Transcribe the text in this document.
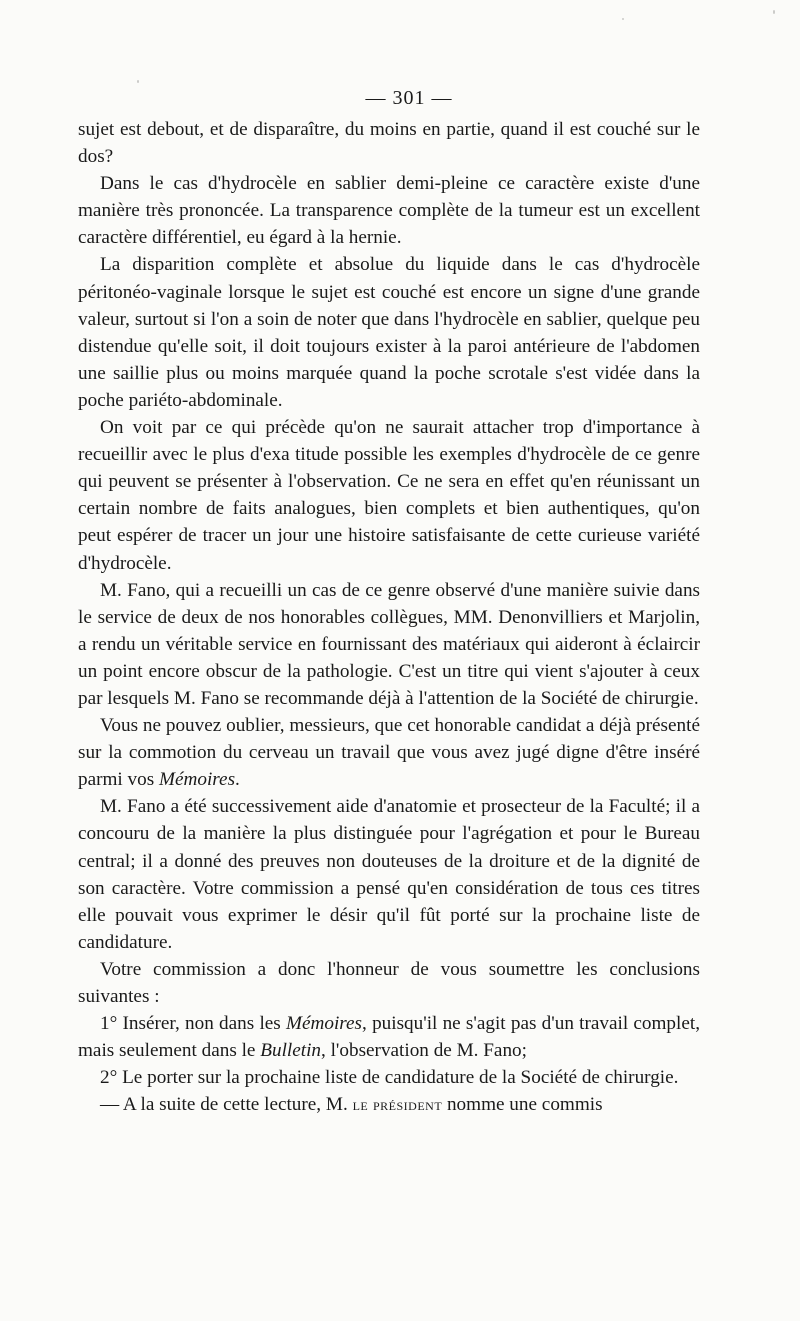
— 301 —

sujet est debout, et de disparaître, du moins en partie, quand il est couché sur le dos?

Dans le cas d'hydrocèle en sablier demi-pleine ce caractère existe d'une manière très prononcée. La transparence complète de la tumeur est un excellent caractère différentiel, eu égard à la hernie.

La disparition complète et absolue du liquide dans le cas d'hydrocèle péritonéo-vaginale lorsque le sujet est couché est encore un signe d'une grande valeur, surtout si l'on a soin de noter que dans l'hydrocèle en sablier, quelque peu distendue qu'elle soit, il doit toujours exister à la paroi antérieure de l'abdomen une saillie plus ou moins marquée quand la poche scrotale s'est vidée dans la poche pariéto-abdominale.

On voit par ce qui précède qu'on ne saurait attacher trop d'importance à recueillir avec le plus d'exa titude possible les exemples d'hydrocèle de ce genre qui peuvent se présenter à l'observation. Ce ne sera en effet qu'en réunissant un certain nombre de faits analogues, bien complets et bien authentiques, qu'on peut espérer de tracer un jour une histoire satisfaisante de cette curieuse variété d'hydrocèle.

M. Fano, qui a recueilli un cas de ce genre observé d'une manière suivie dans le service de deux de nos honorables collègues, MM. Denonvilliers et Marjolin, a rendu un véritable service en fournissant des matériaux qui aideront à éclaircir un point encore obscur de la pathologie. C'est un titre qui vient s'ajouter à ceux par lesquels M. Fano se recommande déjà à l'attention de la Société de chirurgie.

Vous ne pouvez oublier, messieurs, que cet honorable candidat a déjà présenté sur la commotion du cerveau un travail que vous avez jugé digne d'être inséré parmi vos Mémoires.

M. Fano a été successivement aide d'anatomie et prosecteur de la Faculté; il a concouru de la manière la plus distinguée pour l'agrégation et pour le Bureau central; il a donné des preuves non douteuses de la droiture et de la dignité de son caractère. Votre commission a pensé qu'en considération de tous ces titres elle pouvait vous exprimer le désir qu'il fût porté sur la prochaine liste de candidature.

Votre commission a donc l'honneur de vous soumettre les conclusions suivantes :

1° Insérer, non dans les Mémoires, puisqu'il ne s'agit pas d'un travail complet, mais seulement dans le Bulletin, l'observation de M. Fano;

2° Le porter sur la prochaine liste de candidature de la Société de chirurgie.

— A la suite de cette lecture, M. le président nomme une commis
